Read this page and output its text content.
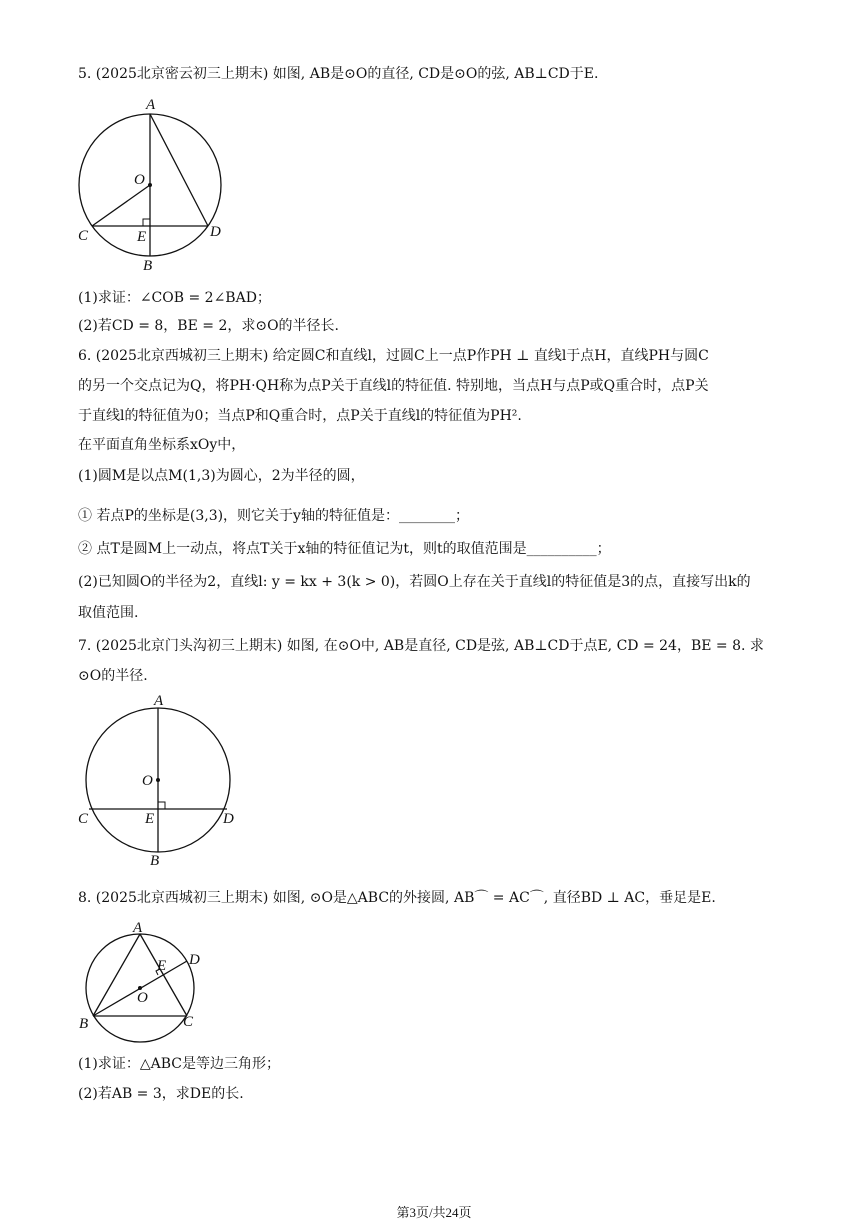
5. (2025北京密云初三上期末) 如图, AB是⊙O的直径, CD是⊙O的弦, AB⊥CD于E.
A
O
C	E	D
B
(1)求证：∠COB = 2∠BAD；
(2)若CD = 8，BE = 2，求⊙O的半径长.
6. (2025北京西城初三上期末) 给定圆C和直线l，过圆C上一点P作PH ⊥ 直线l于点H，直线PH与圆C
的另一个交点记为Q，将PH·QH称为点P关于直线l的特征值. 特别地，当点H与点P或Q重合时，点P关
于直线l的特征值为0；当点P和Q重合时，点P关于直线l的特征值为PH².
在平面直角坐标系xOy中，
(1)圆M是以点M(1,3)为圆心，2为半径的圆，
① 若点P的坐标是(3,3)，则它关于y轴的特征值是：________；
② 点T是圆M上一动点，将点T关于x轴的特征值记为t，则t的取值范围是__________；
(2)已知圆O的半径为2，直线l: y = kx + 3(k > 0)，若圆O上存在关于直线l的特征值是3的点，直接写出k的
取值范围.
7. (2025北京门头沟初三上期末) 如图, 在⊙O中, AB是直径, CD是弦, AB⊥CD于点E, CD = 24，BE = 8. 求
⊙O的半径.
A
O
C	E	D
B
8. (2025北京西城初三上期末) 如图, ⊙O是△ABC的外接圆, AB⌒ = AC⌒, 直径BD ⊥ AC，垂足是E.
A
D
E
O
B	C
(1)求证：△ABC是等边三角形；
(2)若AB = 3，求DE的长.
第3页/共24页
